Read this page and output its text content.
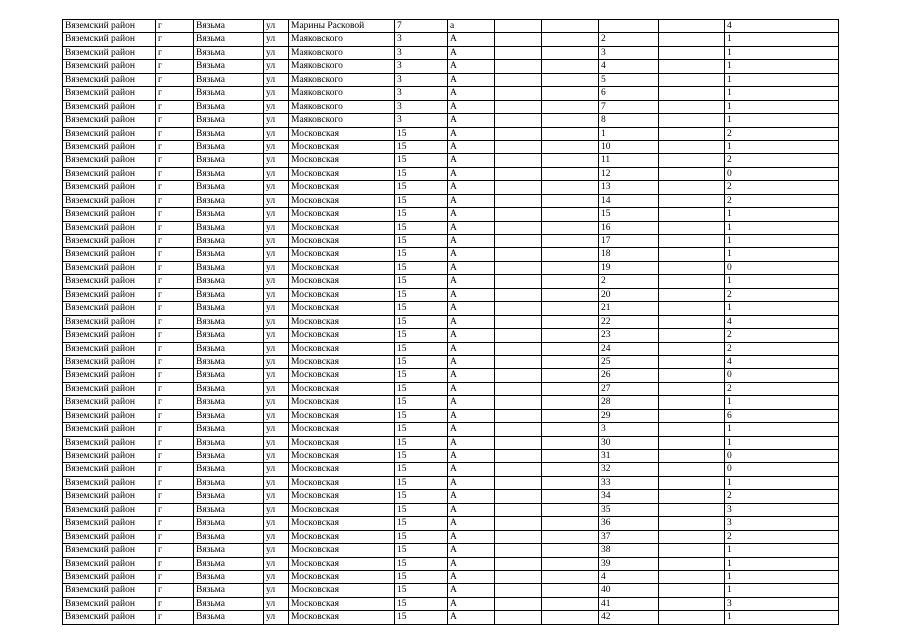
Вяземский район	г	Вязьма	ул	Марины Расковой	7	а					4
Вяземский район	г	Вязьма	ул	Маяковского	3	А			2		1
Вяземский район	г	Вязьма	ул	Маяковского	3	А			3		1
Вяземский район	г	Вязьма	ул	Маяковского	3	А			4		1
Вяземский район	г	Вязьма	ул	Маяковского	3	А			5		1
Вяземский район	г	Вязьма	ул	Маяковского	3	А			6		1
Вяземский район	г	Вязьма	ул	Маяковского	3	А			7		1
Вяземский район	г	Вязьма	ул	Маяковского	3	А			8		1
Вяземский район	г	Вязьма	ул	Московская	15	А			1		2
Вяземский район	г	Вязьма	ул	Московская	15	А			10		1
Вяземский район	г	Вязьма	ул	Московская	15	А			11		2
Вяземский район	г	Вязьма	ул	Московская	15	А			12		0
Вяземский район	г	Вязьма	ул	Московская	15	А			13		2
Вяземский район	г	Вязьма	ул	Московская	15	А			14		2
Вяземский район	г	Вязьма	ул	Московская	15	А			15		1
Вяземский район	г	Вязьма	ул	Московская	15	А			16		1
Вяземский район	г	Вязьма	ул	Московская	15	А			17		1
Вяземский район	г	Вязьма	ул	Московская	15	А			18		1
Вяземский район	г	Вязьма	ул	Московская	15	А			19		0
Вяземский район	г	Вязьма	ул	Московская	15	А			2		1
Вяземский район	г	Вязьма	ул	Московская	15	А			20		2
Вяземский район	г	Вязьма	ул	Московская	15	А			21		1
Вяземский район	г	Вязьма	ул	Московская	15	А			22		4
Вяземский район	г	Вязьма	ул	Московская	15	А			23		2
Вяземский район	г	Вязьма	ул	Московская	15	А			24		2
Вяземский район	г	Вязьма	ул	Московская	15	А			25		4
Вяземский район	г	Вязьма	ул	Московская	15	А			26		0
Вяземский район	г	Вязьма	ул	Московская	15	А			27		2
Вяземский район	г	Вязьма	ул	Московская	15	А			28		1
Вяземский район	г	Вязьма	ул	Московская	15	А			29		6
Вяземский район	г	Вязьма	ул	Московская	15	А			3		1
Вяземский район	г	Вязьма	ул	Московская	15	А			30		1
Вяземский район	г	Вязьма	ул	Московская	15	А			31		0
Вяземский район	г	Вязьма	ул	Московская	15	А			32		0
Вяземский район	г	Вязьма	ул	Московская	15	А			33		1
Вяземский район	г	Вязьма	ул	Московская	15	А			34		2
Вяземский район	г	Вязьма	ул	Московская	15	А			35		3
Вяземский район	г	Вязьма	ул	Московская	15	А			36		3
Вяземский район	г	Вязьма	ул	Московская	15	А			37		2
Вяземский район	г	Вязьма	ул	Московская	15	А			38		1
Вяземский район	г	Вязьма	ул	Московская	15	А			39		1
Вяземский район	г	Вязьма	ул	Московская	15	А			4		1
Вяземский район	г	Вязьма	ул	Московская	15	А			40		1
Вяземский район	г	Вязьма	ул	Московская	15	А			41		3
Вяземский район	г	Вязьма	ул	Московская	15	А			42		1
